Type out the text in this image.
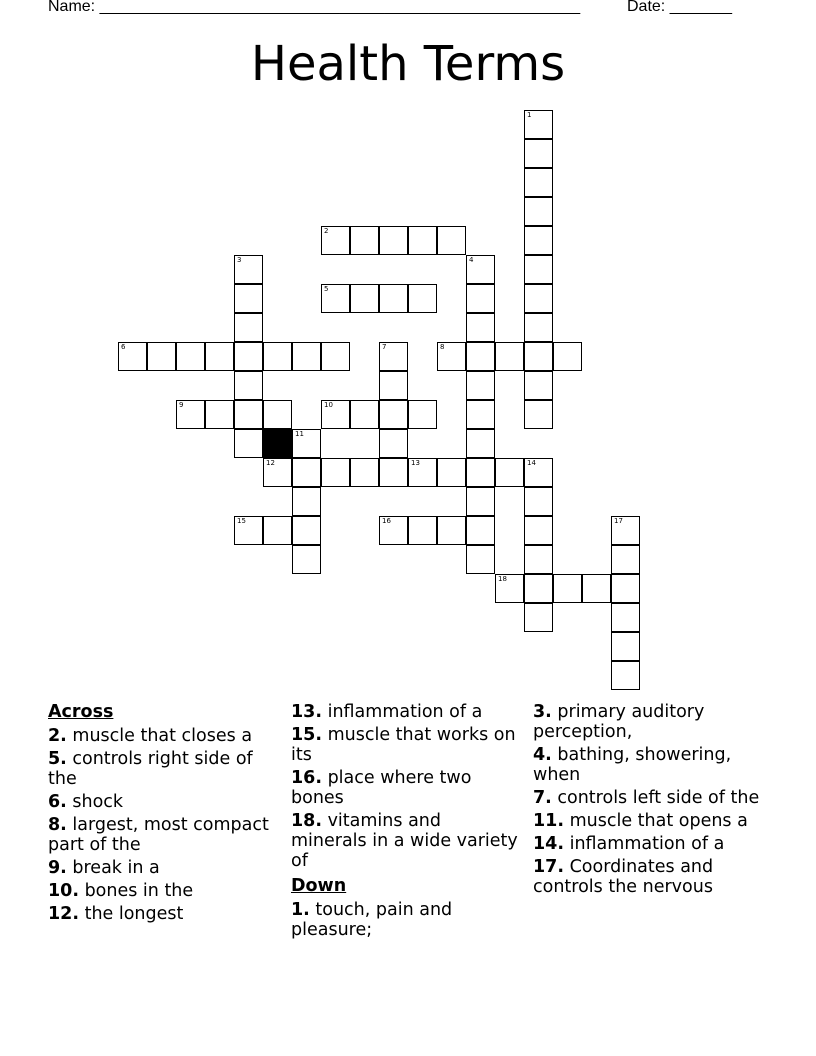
Name: ______________________________________________________	Date: _______
Health Terms
1
2
3	4
5
6	7	8
9	10
11
12	13	14
15	16	17
18
Across
2. muscle that closes a
5. controls right side of the
6. shock
8. largest, most compact part of the
9. break in a
10. bones in the
12. the longest
13. inflammation of a
15. muscle that works on its
16. place where two bones
18. vitamins and minerals in a wide variety of
Down
1. touch, pain and pleasure;
3. primary auditory perception,
4. bathing, showering, when
7. controls left side of the
11. muscle that opens a
14. inflammation of a
17. Coordinates and controls the nervous
